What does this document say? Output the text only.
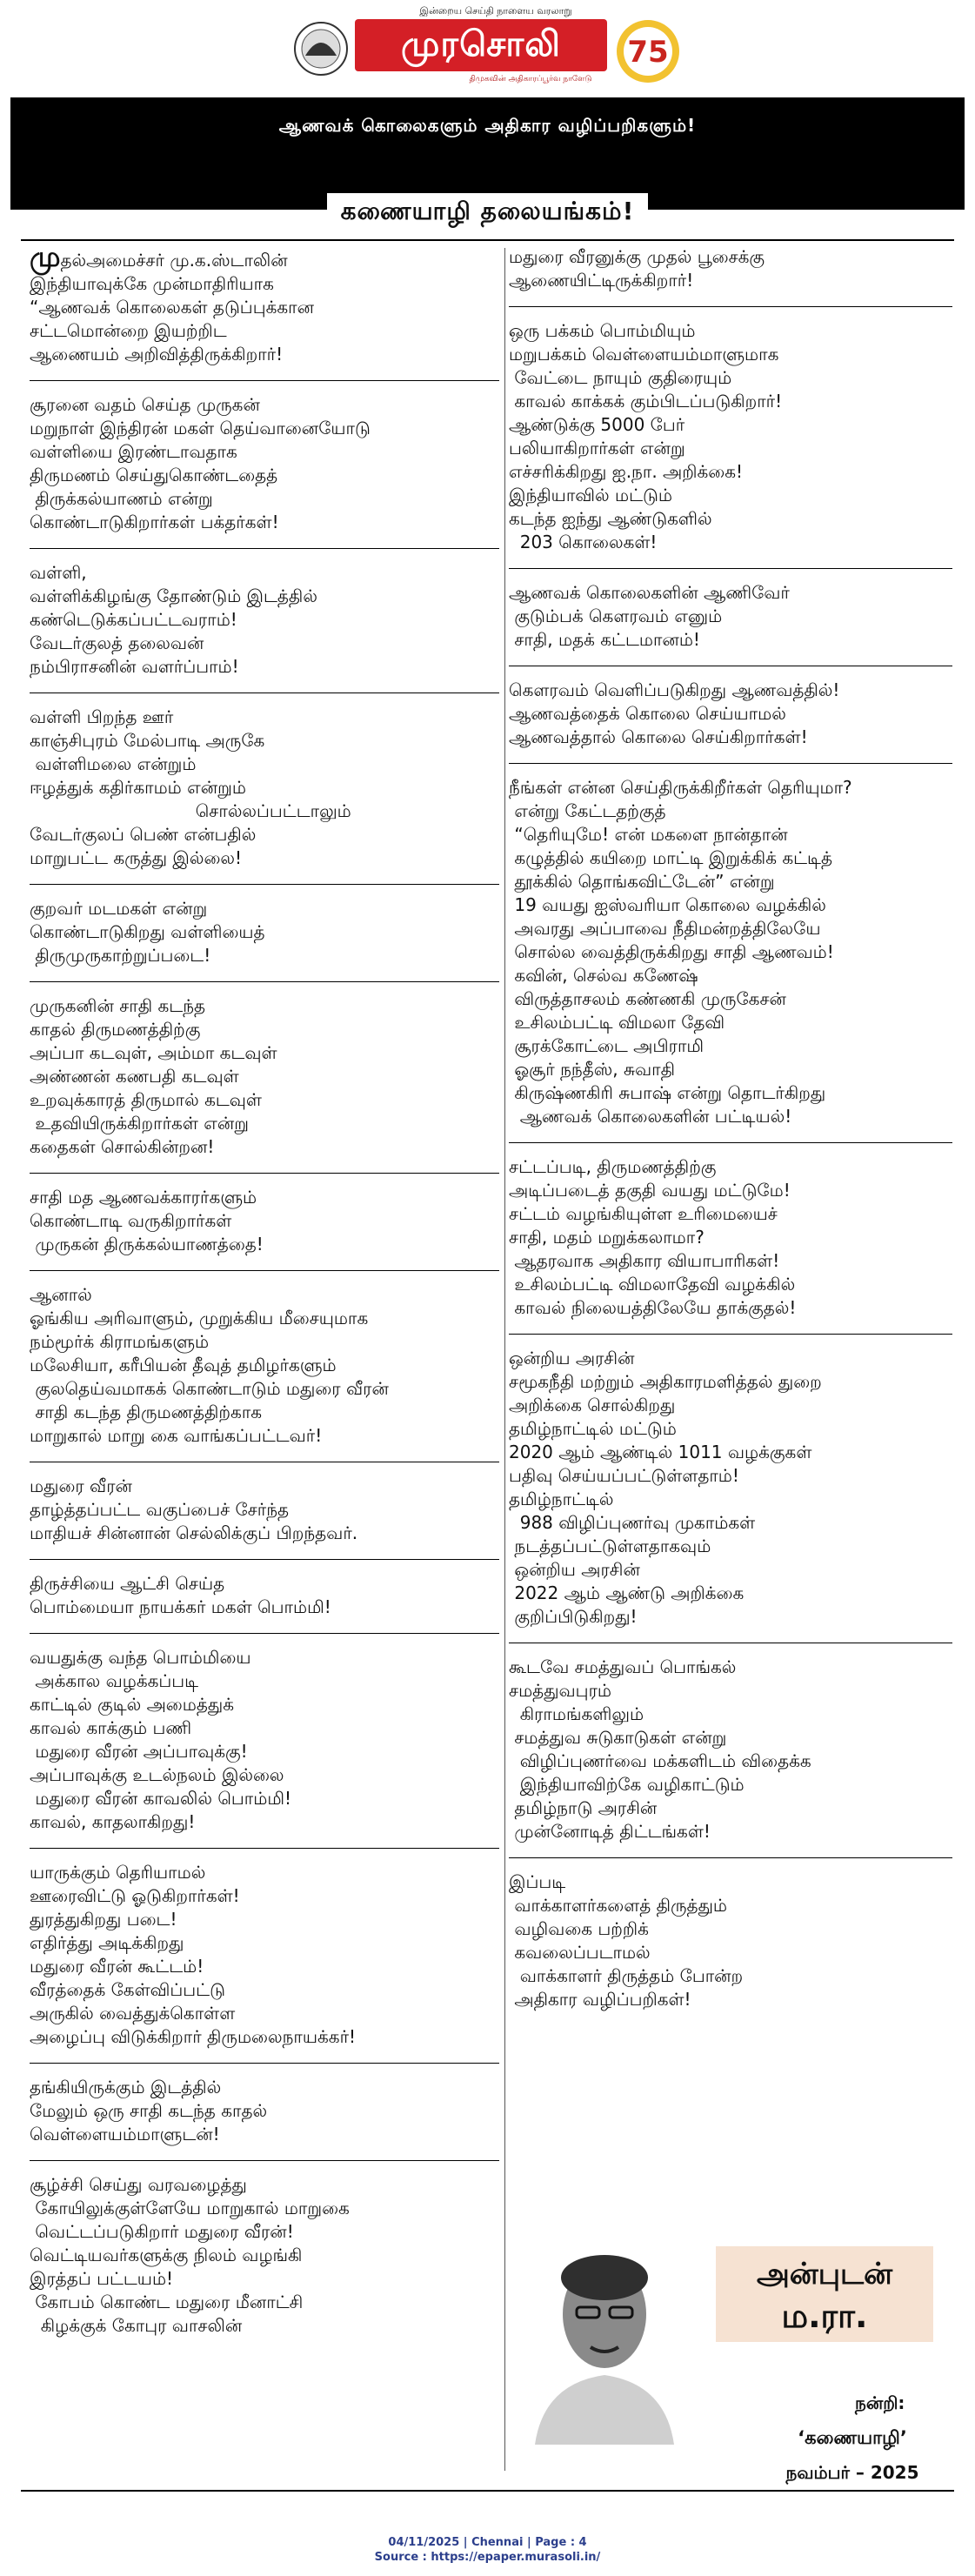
இன்றைய செய்தி நாளைய வரலாறு
முரசொலி
திமுகவின் அதிகாரப்பூர்வ நாளேடு
75
ஆணவக் கொலைகளும் அதிகார வழிப்பறிகளும்!
கணையாழி தலையங்கம்!
முதல்அமைச்சர் மு.க.ஸ்டாலின்
இந்தியாவுக்கே முன்மாதிரியாக
“ஆணவக் கொலைகள் தடுப்புக்கான
சட்டமொன்றை இயற்றிட
ஆணையம் அறிவித்திருக்கிறார்!
சூரனை வதம் செய்த முருகன்
மறுநாள் இந்திரன் மகள் தெய்வானையோடு
வள்ளியை இரண்டாவதாக
திருமணம் செய்துகொண்டதைத்
திருக்கல்யாணம் என்று
கொண்டாடுகிறார்கள் பக்தர்கள்!
வள்ளி,
வள்ளிக்கிழங்கு தோண்டும் இடத்தில்
கண்டெடுக்கப்பட்டவராம்!
வேடர்குலத் தலைவன்
நம்பிராசனின் வளர்ப்பாம்!
வள்ளி பிறந்த ஊர்
காஞ்சிபுரம் மேல்பாடி அருகே
வள்ளிமலை என்றும்
ஈழத்துக் கதிர்காமம் என்றும்
சொல்லப்பட்டாலும்
வேடர்குலப் பெண் என்பதில்
மாறுபட்ட கருத்து இல்லை!
குறவர் மடமகள் என்று
கொண்டாடுகிறது வள்ளியைத்
திருமுருகாற்றுப்படை!
முருகனின் சாதி கடந்த
காதல் திருமணத்திற்கு
அப்பா கடவுள், அம்மா கடவுள்
அண்ணன் கணபதி கடவுள்
உறவுக்காரத் திருமால் கடவுள்
உதவியிருக்கிறார்கள் என்று
கதைகள் சொல்கின்றன!
சாதி மத ஆணவக்காரர்களும்
கொண்டாடி வருகிறார்கள்
முருகன் திருக்கல்யாணத்தை!
ஆனால்
ஓங்கிய அரிவாளும், முறுக்கிய மீசையுமாக
நம்மூர்க் கிராமங்களும்
மலேசியா, கரீபியன் தீவுத் தமிழர்களும்
குலதெய்வமாகக் கொண்டாடும் மதுரை வீரன்
சாதி கடந்த திருமணத்திற்காக
மாறுகால் மாறு கை வாங்கப்பட்டவர்!
மதுரை வீரன்
தாழ்த்தப்பட்ட வகுப்பைச் சேர்ந்த
மாதியச் சின்னான் செல்லிக்குப் பிறந்தவர்.
திருச்சியை ஆட்சி செய்த
பொம்மையா நாயக்கர் மகள் பொம்மி!
வயதுக்கு வந்த பொம்மியை
அக்கால வழக்கப்படி
காட்டில் குடில் அமைத்துக்
காவல் காக்கும் பணி
மதுரை வீரன் அப்பாவுக்கு!
அப்பாவுக்கு உடல்நலம் இல்லை
மதுரை வீரன் காவலில் பொம்மி!
காவல், காதலாகிறது!
யாருக்கும் தெரியாமல்
ஊரைவிட்டு ஓடுகிறார்கள்!
துரத்துகிறது படை!
எதிர்த்து அடிக்கிறது
மதுரை வீரன் கூட்டம்!
வீரத்தைக் கேள்விப்பட்டு
அருகில் வைத்துக்கொள்ள
அழைப்பு விடுக்கிறார் திருமலைநாயக்கர்!
தங்கியிருக்கும் இடத்தில்
மேலும் ஒரு சாதி கடந்த காதல்
வெள்ளையம்மாளுடன்!
சூழ்ச்சி செய்து வரவழைத்து
கோயிலுக்குள்ளேயே மாறுகால் மாறுகை
வெட்டப்படுகிறார் மதுரை வீரன்!
வெட்டியவர்களுக்கு நிலம் வழங்கி
இரத்தப் பட்டயம்!
கோபம் கொண்ட மதுரை மீனாட்சி
கிழக்குக் கோபுர வாசலின்
மதுரை வீரனுக்கு முதல் பூசைக்கு
ஆணையிட்டிருக்கிறார்!
ஒரு பக்கம் பொம்மியும்
மறுபக்கம் வெள்ளையம்மாளுமாக
வேட்டை நாயும் குதிரையும்
காவல் காக்கக் கும்பிடப்படுகிறார்!
ஆண்டுக்கு 5000 பேர்
பலியாகிறார்கள் என்று
எச்சரிக்கிறது ஐ.நா. அறிக்கை!
இந்தியாவில் மட்டும்
கடந்த ஐந்து ஆண்டுகளில்
203 கொலைகள்!
ஆணவக் கொலைகளின் ஆணிவேர்
குடும்பக் கௌரவம் எனும்
சாதி, மதக் கட்டமானம்!
கௌரவம் வெளிப்படுகிறது ஆணவத்தில்!
ஆணவத்தைக் கொலை செய்யாமல்
ஆணவத்தால் கொலை செய்கிறார்கள்!
நீங்கள் என்ன செய்திருக்கிறீர்கள் தெரியுமா?
என்று கேட்டதற்குத்
“தெரியுமே! என் மகளை நான்தான்
கழுத்தில் கயிறை மாட்டி இறுக்கிக் கட்டித்
தூக்கில் தொங்கவிட்டேன்” என்று
19 வயது ஐஸ்வரியா கொலை வழக்கில்
அவரது அப்பாவை நீதிமன்றத்திலேயே
சொல்ல வைத்திருக்கிறது சாதி ஆணவம்!
கவின், செல்வ கணேஷ்
விருத்தாசலம் கண்ணகி முருகேசன்
உசிலம்பட்டி விமலா தேவி
சூரக்கோட்டை அபிராமி
ஓசூர் நந்தீஸ், சுவாதி
கிருஷ்ணகிரி சுபாஷ் என்று தொடர்கிறது
ஆணவக் கொலைகளின் பட்டியல்!
சட்டப்படி, திருமணத்திற்கு
அடிப்படைத் தகுதி வயது மட்டுமே!
சட்டம் வழங்கியுள்ள உரிமையைச்
சாதி, மதம் மறுக்கலாமா?
ஆதரவாக அதிகார வியாபாரிகள்!
உசிலம்பட்டி விமலாதேவி வழக்கில்
காவல் நிலையத்திலேயே தாக்குதல்!
ஒன்றிய அரசின்
சமூகநீதி மற்றும் அதிகாரமளித்தல் துறை
அறிக்கை சொல்கிறது
தமிழ்நாட்டில் மட்டும்
2020 ஆம் ஆண்டில் 1011 வழக்குகள்
பதிவு செய்யப்பட்டுள்ளதாம்!
தமிழ்நாட்டில்
988 விழிப்புணர்வு முகாம்கள்
நடத்தப்பட்டுள்ளதாகவும்
ஒன்றிய அரசின்
2022 ஆம் ஆண்டு அறிக்கை
குறிப்பிடுகிறது!
கூடவே சமத்துவப் பொங்கல்
சமத்துவபுரம்
கிராமங்களிலும்
சமத்துவ சுடுகாடுகள் என்று
விழிப்புணர்வை மக்களிடம் விதைக்க
இந்தியாவிற்கே வழிகாட்டும்
தமிழ்நாடு அரசின்
முன்னோடித் திட்டங்கள்!
இப்படி
வாக்காளர்களைத் திருத்தும்
வழிவகை பற்றிக்
கவலைப்படாமல்
வாக்காளர் திருத்தம் போன்ற
அதிகார வழிப்பறிகள்!
அன்புடன்
ம.ரா.
நன்றி:
‘கணையாழி’
நவம்பர் – 2025
04/11/2025 | Chennai | Page : 4
Source : https://epaper.murasoli.in/
